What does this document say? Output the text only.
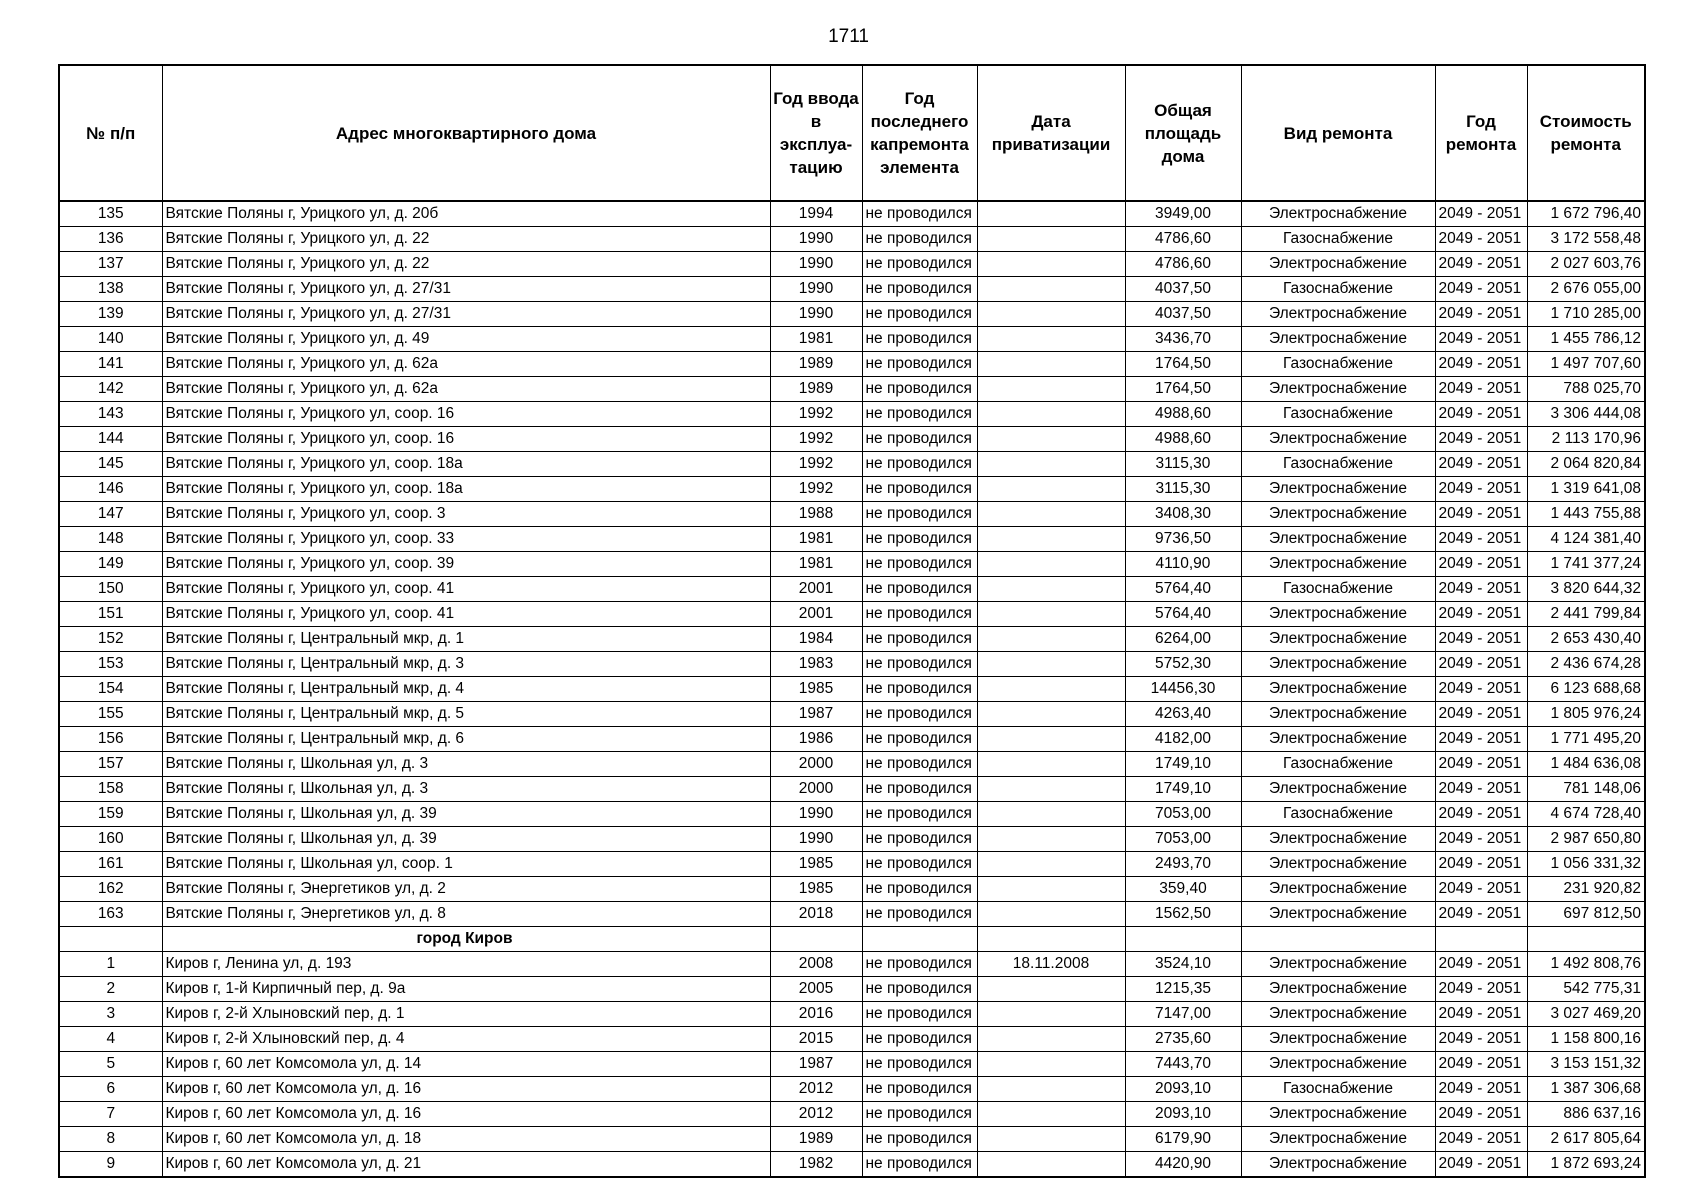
1711
№ п/п	Адрес многоквартирного дома	Год ввода в эксплуа-тацию	Год последнего капремонта элемента	Дата приватизации	Общая площадь дома	Вид ремонта	Год ремонта	Стоимость ремонта
135	Вятские Поляны г, Урицкого ул, д. 20б	1994	не проводился		3949,00	Электроснабжение	2049 - 2051	1 672 796,40
136	Вятские Поляны г, Урицкого ул, д. 22	1990	не проводился		4786,60	Газоснабжение	2049 - 2051	3 172 558,48
137	Вятские Поляны г, Урицкого ул, д. 22	1990	не проводился		4786,60	Электроснабжение	2049 - 2051	2 027 603,76
138	Вятские Поляны г, Урицкого ул, д. 27/31	1990	не проводился		4037,50	Газоснабжение	2049 - 2051	2 676 055,00
139	Вятские Поляны г, Урицкого ул, д. 27/31	1990	не проводился		4037,50	Электроснабжение	2049 - 2051	1 710 285,00
140	Вятские Поляны г, Урицкого ул, д. 49	1981	не проводился		3436,70	Электроснабжение	2049 - 2051	1 455 786,12
141	Вятские Поляны г, Урицкого ул, д. 62а	1989	не проводился		1764,50	Газоснабжение	2049 - 2051	1 497 707,60
142	Вятские Поляны г, Урицкого ул, д. 62а	1989	не проводился		1764,50	Электроснабжение	2049 - 2051	788 025,70
143	Вятские Поляны г, Урицкого ул, соор. 16	1992	не проводился		4988,60	Газоснабжение	2049 - 2051	3 306 444,08
144	Вятские Поляны г, Урицкого ул, соор. 16	1992	не проводился		4988,60	Электроснабжение	2049 - 2051	2 113 170,96
145	Вятские Поляны г, Урицкого ул, соор. 18а	1992	не проводился		3115,30	Газоснабжение	2049 - 2051	2 064 820,84
146	Вятские Поляны г, Урицкого ул, соор. 18а	1992	не проводился		3115,30	Электроснабжение	2049 - 2051	1 319 641,08
147	Вятские Поляны г, Урицкого ул, соор. 3	1988	не проводился		3408,30	Электроснабжение	2049 - 2051	1 443 755,88
148	Вятские Поляны г, Урицкого ул, соор. 33	1981	не проводился		9736,50	Электроснабжение	2049 - 2051	4 124 381,40
149	Вятские Поляны г, Урицкого ул, соор. 39	1981	не проводился		4110,90	Электроснабжение	2049 - 2051	1 741 377,24
150	Вятские Поляны г, Урицкого ул, соор. 41	2001	не проводился		5764,40	Газоснабжение	2049 - 2051	3 820 644,32
151	Вятские Поляны г, Урицкого ул, соор. 41	2001	не проводился		5764,40	Электроснабжение	2049 - 2051	2 441 799,84
152	Вятские Поляны г, Центральный мкр, д. 1	1984	не проводился		6264,00	Электроснабжение	2049 - 2051	2 653 430,40
153	Вятские Поляны г, Центральный мкр, д. 3	1983	не проводился		5752,30	Электроснабжение	2049 - 2051	2 436 674,28
154	Вятские Поляны г, Центральный мкр, д. 4	1985	не проводился		14456,30	Электроснабжение	2049 - 2051	6 123 688,68
155	Вятские Поляны г, Центральный мкр, д. 5	1987	не проводился		4263,40	Электроснабжение	2049 - 2051	1 805 976,24
156	Вятские Поляны г, Центральный мкр, д. 6	1986	не проводился		4182,00	Электроснабжение	2049 - 2051	1 771 495,20
157	Вятские Поляны г, Школьная ул, д. 3	2000	не проводился		1749,10	Газоснабжение	2049 - 2051	1 484 636,08
158	Вятские Поляны г, Школьная ул, д. 3	2000	не проводился		1749,10	Электроснабжение	2049 - 2051	781 148,06
159	Вятские Поляны г, Школьная ул, д. 39	1990	не проводился		7053,00	Газоснабжение	2049 - 2051	4 674 728,40
160	Вятские Поляны г, Школьная ул, д. 39	1990	не проводился		7053,00	Электроснабжение	2049 - 2051	2 987 650,80
161	Вятские Поляны г, Школьная ул, соор. 1	1985	не проводился		2493,70	Электроснабжение	2049 - 2051	1 056 331,32
162	Вятские Поляны г, Энергетиков ул, д. 2	1985	не проводился		359,40	Электроснабжение	2049 - 2051	231 920,82
163	Вятские Поляны г, Энергетиков ул, д. 8	2018	не проводился		1562,50	Электроснабжение	2049 - 2051	697 812,50
	город Киров							
1	Киров г, Ленина ул, д. 193	2008	не проводился	18.11.2008	3524,10	Электроснабжение	2049 - 2051	1 492 808,76
2	Киров г, 1-й Кирпичный пер, д. 9а	2005	не проводился		1215,35	Электроснабжение	2049 - 2051	542 775,31
3	Киров г, 2-й Хлыновский пер, д. 1	2016	не проводился		7147,00	Электроснабжение	2049 - 2051	3 027 469,20
4	Киров г, 2-й Хлыновский пер, д. 4	2015	не проводился		2735,60	Электроснабжение	2049 - 2051	1 158 800,16
5	Киров г, 60 лет Комсомола ул, д. 14	1987	не проводился		7443,70	Электроснабжение	2049 - 2051	3 153 151,32
6	Киров г, 60 лет Комсомола ул, д. 16	2012	не проводился		2093,10	Газоснабжение	2049 - 2051	1 387 306,68
7	Киров г, 60 лет Комсомола ул, д. 16	2012	не проводился		2093,10	Электроснабжение	2049 - 2051	886 637,16
8	Киров г, 60 лет Комсомола ул, д. 18	1989	не проводился		6179,90	Электроснабжение	2049 - 2051	2 617 805,64
9	Киров г, 60 лет Комсомола ул, д. 21	1982	не проводился		4420,90	Электроснабжение	2049 - 2051	1 872 693,24
